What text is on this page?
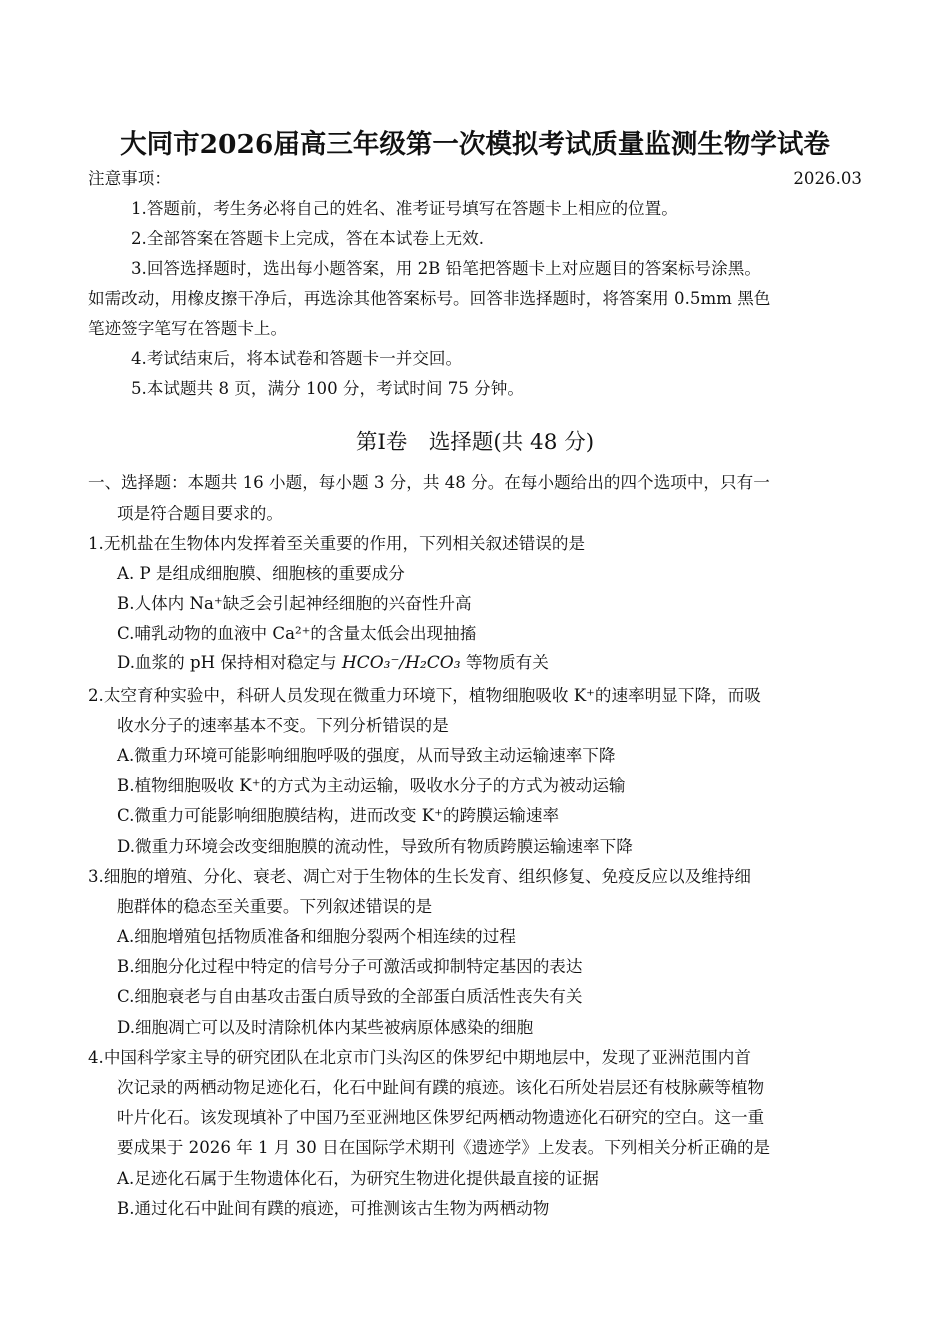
大同市2026届高三年级第一次模拟考试质量监测生物学试卷
注意事项：	2026.03
1.答题前，考生务必将自己的姓名、准考证号填写在答题卡上相应的位置。
2.全部答案在答题卡上完成，答在本试卷上无效.
3.回答选择题时，选出每小题答案，用 2B 铅笔把答题卡上对应题目的答案标号涂黑。
如需改动，用橡皮擦干净后，再选涂其他答案标号。回答非选择题时，将答案用 0.5mm 黑色
笔迹签字笔写在答题卡上。
4.考试结束后，将本试卷和答题卡一并交回。
5.本试题共 8 页，满分 100 分，考试时间 75 分钟。
第Ⅰ卷　选择题(共 48 分)
一、选择题：本题共 16 小题，每小题 3 分，共 48 分。在每小题给出的四个选项中，只有一
项是符合题目要求的。
1.无机盐在生物体内发挥着至关重要的作用，下列相关叙述错误的是
A. P 是组成细胞膜、细胞核的重要成分
B.人体内 Na⁺缺乏会引起神经细胞的兴奋性升高
C.哺乳动物的血液中 Ca²⁺的含量太低会出现抽搐
D.血浆的 pH 保持相对稳定与 HCO₃⁻/H₂CO₃ 等物质有关
2.太空育种实验中，科研人员发现在微重力环境下，植物细胞吸收 K⁺的速率明显下降，而吸
收水分子的速率基本不变。下列分析错误的是
A.微重力环境可能影响细胞呼吸的强度，从而导致主动运输速率下降
B.植物细胞吸收 K⁺的方式为主动运输，吸收水分子的方式为被动运输
C.微重力可能影响细胞膜结构，进而改变 K⁺的跨膜运输速率
D.微重力环境会改变细胞膜的流动性，导致所有物质跨膜运输速率下降
3.细胞的增殖、分化、衰老、凋亡对于生物体的生长发育、组织修复、免疫反应以及维持细
胞群体的稳态至关重要。下列叙述错误的是
A.细胞增殖包括物质准备和细胞分裂两个相连续的过程
B.细胞分化过程中特定的信号分子可激活或抑制特定基因的表达
C.细胞衰老与自由基攻击蛋白质导致的全部蛋白质活性丧失有关
D.细胞凋亡可以及时清除机体内某些被病原体感染的细胞
4.中国科学家主导的研究团队在北京市门头沟区的侏罗纪中期地层中，发现了亚洲范围内首
次记录的两栖动物足迹化石，化石中趾间有蹼的痕迹。该化石所处岩层还有枝脉蕨等植物
叶片化石。该发现填补了中国乃至亚洲地区侏罗纪两栖动物遗迹化石研究的空白。这一重
要成果于 2026 年 1 月 30 日在国际学术期刊《遗迹学》上发表。下列相关分析正确的是
A.足迹化石属于生物遗体化石，为研究生物进化提供最直接的证据
B.通过化石中趾间有蹼的痕迹，可推测该古生物为两栖动物
